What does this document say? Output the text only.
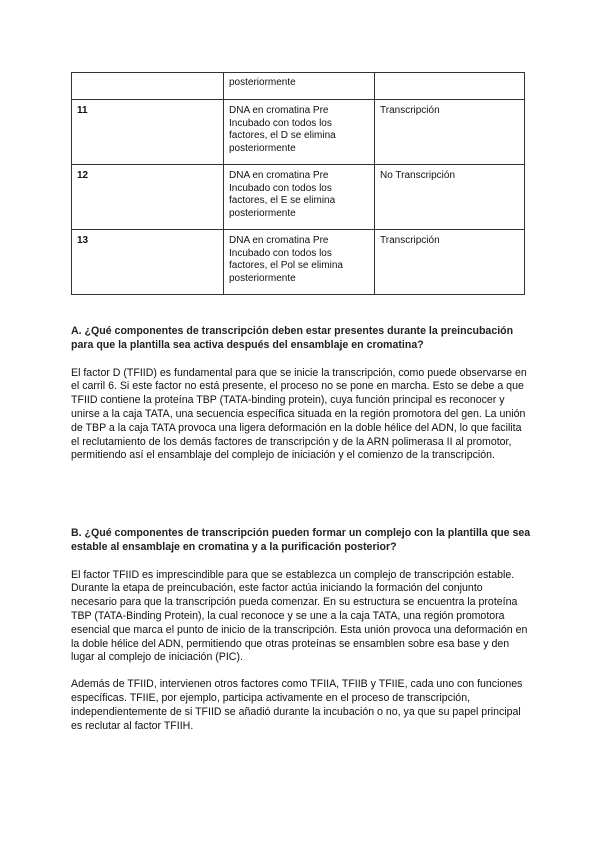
	posteriormente	
11	DNA en cromatina Pre Incubado con todos los factores, el D se elimina posteriormente	Transcripción
12	DNA en cromatina Pre Incubado con todos los factores, el E se elimina posteriormente	No Transcripción
13	DNA en cromatina Pre Incubado con todos los factores, el Pol se elimina posteriormente	Transcripción
A. ¿Qué componentes de transcripción deben estar presentes durante la preincubación para que la plantilla sea activa después del ensamblaje en cromatina?

El factor D (TFIID) es fundamental para que se inicie la transcripción, como puede observarse en el carril 6. Si este factor no está presente, el proceso no se pone en marcha. Esto se debe a que TFIID contiene la proteína TBP (TATA-binding protein), cuya función principal es reconocer y unirse a la caja TATA, una secuencia específica situada en la región promotora del gen. La unión de TBP a la caja TATA provoca una ligera deformación en la doble hélice del ADN, lo que facilita el reclutamiento de los demás factores de transcripción y de la ARN polimerasa II al promotor, permitiendo así el ensamblaje del complejo de iniciación y el comienzo de la transcripción.

B. ¿Qué componentes de transcripción pueden formar un complejo con la plantilla que sea estable al ensamblaje en cromatina y a la purificación posterior?

El factor TFIID es imprescindible para que se establezca un complejo de transcripción estable. Durante la etapa de preincubación, este factor actúa iniciando la formación del conjunto necesario para que la transcripción pueda comenzar. En su estructura se encuentra la proteína TBP (TATA-Binding Protein), la cual reconoce y se une a la caja TATA, una región promotora esencial que marca el punto de inicio de la transcripción. Esta unión provoca una deformación en la doble hélice del ADN, permitiendo que otras proteínas se ensamblen sobre esa base y den lugar al complejo de iniciación (PIC).

Además de TFIID, intervienen otros factores como TFIIA, TFIIB y TFIIE, cada uno con funciones específicas. TFIIE, por ejemplo, participa activamente en el proceso de transcripción, independientemente de si TFIID se añadió durante la incubación o no, ya que su papel principal es reclutar al factor TFIIH.
